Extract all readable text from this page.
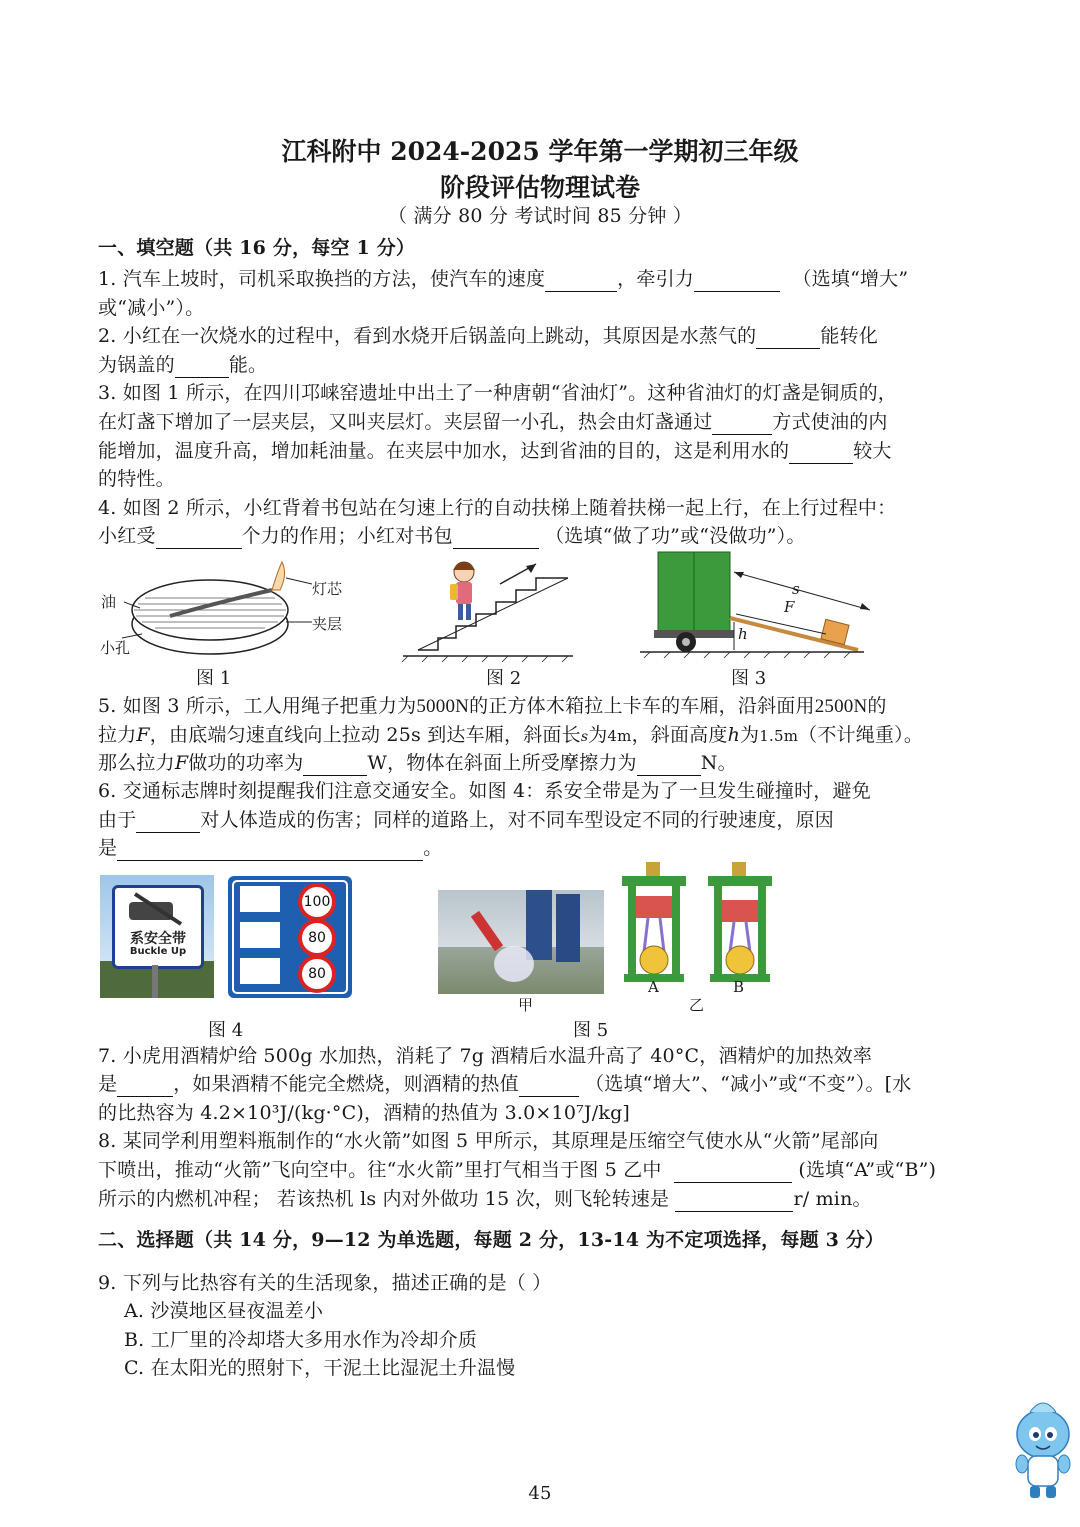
江科附中 2024-2025 学年第一学期初三年级
阶段评估物理试卷
（ 满分 80 分 考试时间 85 分钟 ）
一、填空题（共 16 分，每空 1 分）
1. 汽车上坡时，司机采取换挡的方法，使汽车的速度	，牵引力	（选填“增大”
或“减小”）。
2. 小红在一次烧水的过程中，看到水烧开后锅盖向上跳动，其原因是水蒸气的	能转化
为锅盖的	能。
3. 如图 1 所示，在四川邛崃窑遗址中出土了一种唐朝“省油灯”。这种省油灯的灯盏是铜质的，
在灯盏下增加了一层夹层，又叫夹层灯。夹层留一小孔，热会由灯盏通过	方式使油的内
能增加，温度升高，增加耗油量。在夹层中加水，达到省油的目的，这是利用水的	较大
的特性。
4. 如图 2 所示，小红背着书包站在匀速上行的自动扶梯上随着扶梯一起上行，在上行过程中：
小红受	个力的作用；小红对书包	（选填“做了功”或“没做功”）。
油
小孔
灯芯
夹层
图 1	图 2
s
F
h
图 3
5. 如图 3 所示，工人用绳子把重力为5000N的正方体木箱拉上卡车的车厢，沿斜面用2500N的
拉力F，由底端匀速直线向上拉动 25s 到达车厢，斜面长s为4m，斜面高度h为1.5m（不计绳重）。
那么拉力F做功的功率为	W，物体在斜面上所受摩擦力为	N。
6. 交通标志牌时刻提醒我们注意交通安全。如图 4：系安全带是为了一旦发生碰撞时，避免
由于	对人体造成的伤害；同样的道路上，对不同车型设定不同的行驶速度，原因
是	。
系安全带
Buckle Up
100
80
80
图 4
甲
A	B
乙
图 5
7. 小虎用酒精炉给 500g 水加热，消耗了 7g 酒精后水温升高了 40°C，酒精炉的加热效率
是	，如果酒精不能完全燃烧，则酒精的热值	（选填“增大”、“减小”或“不变”）。[水
的比热容为 4.2×10³J/(kg·°C)，酒精的热值为 3.0×10⁷J/kg]
8. 某同学利用塑料瓶制作的“水火箭”如图 5 甲所示，其原理是压缩空气使水从“火箭”尾部向
下喷出，推动“火箭”飞向空中。往“水火箭”里打气相当于图 5 乙中	(选填“A”或“B”)
所示的内燃机冲程； 若该热机 ls 内对外做功 15 次，则飞轮转速是	r/ min。
二、选择题（共 14 分，9—12 为单选题，每题 2 分，13-14 为不定项选择，每题 3 分）
9. 下列与比热容有关的生活现象，描述正确的是（ ）
A. 沙漠地区昼夜温差小
B. 工厂里的冷却塔大多用水作为冷却介质
C. 在太阳光的照射下，干泥土比湿泥土升温慢
45
